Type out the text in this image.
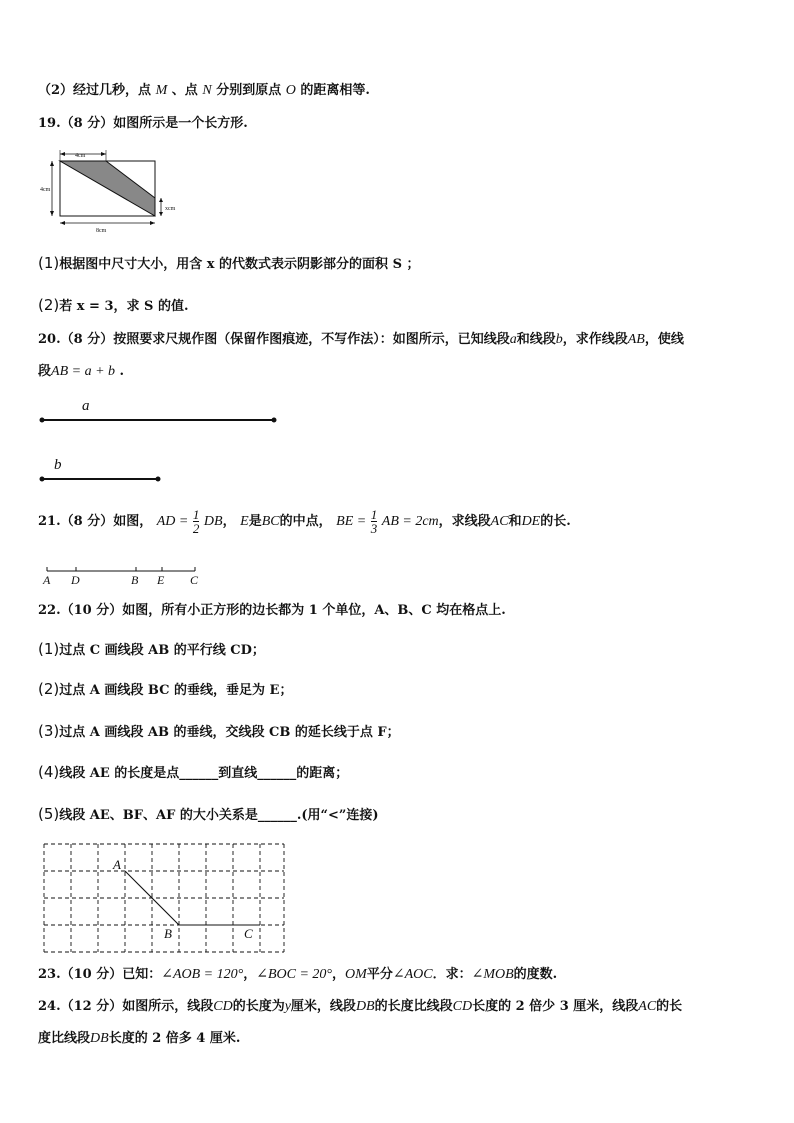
（2）经过几秒，点 M 、点 N 分别到原点 O 的距离相等.
19.（8 分）如图所示是一个长方形.
4cm
4cm
8cm
xcm
(1)根据图中尺寸大小，用含 x 的代数式表示阴影部分的面积 S ；
(2)若 x = 3，求 S 的值.
20.（8 分）按照要求尺规作图（保留作图痕迹，不写作法）：如图所示，已知线段a和线段b，求作线段AB，使线
段AB = a + b .
a
b
21.（8 分）如图， AD = $\frac{1}{2}$ DB， E是BC的中点， BE = $\frac{1}{3}$ AB = 2cm，求线段AC和DE的长.
A D	B E C
22.（10 分）如图，所有小正方形的边长都为 1 个单位，A、B、C 均在格点上.
(1)过点 C 画线段 AB 的平行线 CD；
(2)过点 A 画线段 BC 的垂线，垂足为 E；
(3)过点 A 画线段 AB 的垂线，交线段 CB 的延长线于点 F；
(4)线段 AE 的长度是点______到直线______的距离；
(5)线段 AE、BF、AF 的大小关系是______.(用“<”连接)
A
B	C
23.（10 分）已知：∠AOB = 120°，∠BOC = 20°，OM平分∠AOC．求：∠MOB的度数.
24.（12 分）如图所示，线段CD的长度为y厘米，线段DB的长度比线段CD长度的 2 倍少 3 厘米，线段AC的长
度比线段DB长度的 2 倍多 4 厘米.
